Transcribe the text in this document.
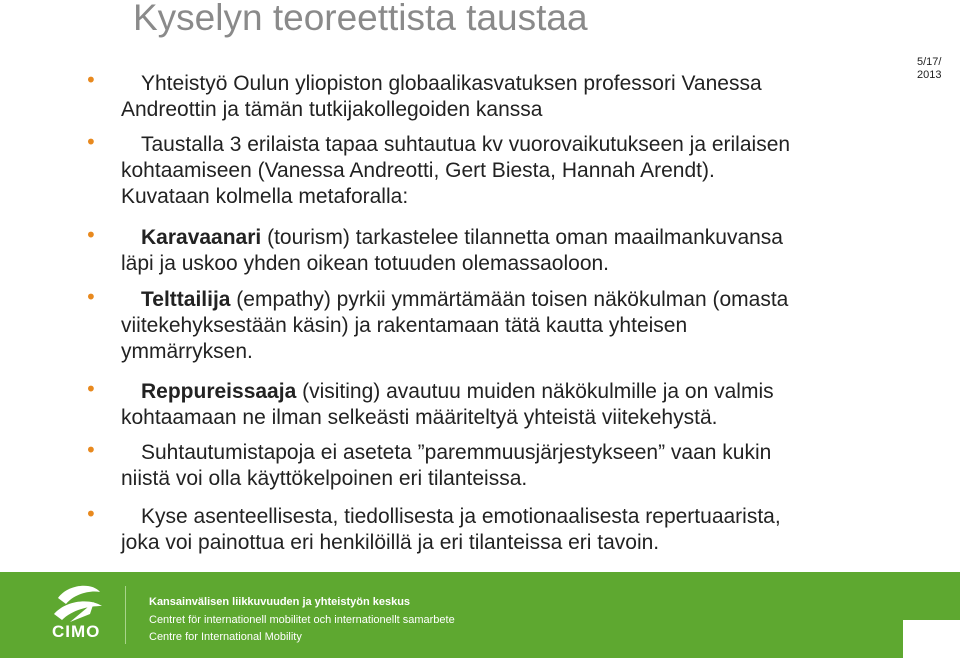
Kyselyn teoreettista taustaa
•	Yhteistyö Oulun yliopiston globaalikasvatuksen professori Vanessa
Andreottin ja tämän tutkijakollegoiden kanssa
•	Taustalla 3 erilaista tapaa suhtautua kv vuorovaikutukseen ja erilaisen
kohtaamiseen (Vanessa Andreotti, Gert Biesta, Hannah Arendt).
Kuvataan kolmella metaforalla:
•	Karavaanari (tourism) tarkastelee tilannetta oman maailmankuvansa
läpi ja uskoo yhden oikean totuuden olemassaoloon.
•	Telttailija (empathy) pyrkii ymmärtämään toisen näkökulman (omasta
viitekehyksestään käsin) ja rakentamaan tätä kautta yhteisen
ymmärryksen.
•	Reppureissaaja (visiting) avautuu muiden näkökulmille ja on valmis
kohtaamaan ne ilman selkeästi määriteltyä yhteistä viitekehystä.
•	Suhtautumistapoja ei aseteta ”paremmuusjärjestykseen” vaan kukin
niistä voi olla käyttökelpoinen eri tilanteissa.
•	Kyse asenteellisesta, tiedollisesta ja emotionaalisesta repertuaarista,
joka voi painottua eri henkilöillä ja eri tilanteissa eri tavoin.
CIMO
Kansainvälisen liikkuvuuden ja yhteistyön keskus
Centret för internationell mobilitet och internationellt samarbete
Centre for International Mobility
5/17/
2013
